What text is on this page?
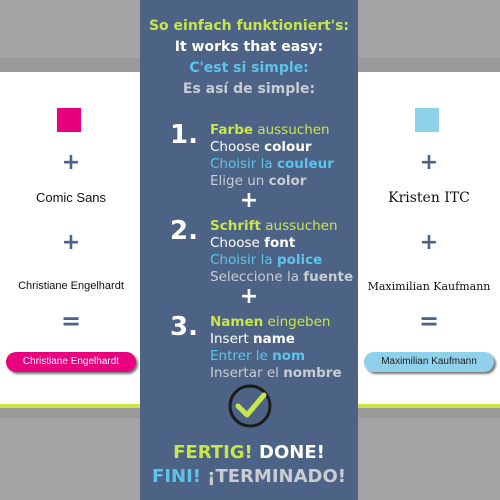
+
Comic Sans
+
Christiane Engelhardt
=
Christiane Engelhardt
+
Kristen ITC
+
Maximilian Kaufmann
=
Maximilian Kaufmann
So einfach funktioniert's:
It works that easy:
C'est si simple:
Es así de simple:
1. Farbe aussuchen
Choose colour
Choisir la couleur
Elige un color
+
2. Schrift aussuchen
Choose font
Choisir la police
Seleccione la fuente
+
3. Namen eingeben
Insert name
Entrer le nom
Insertar el nombre
FERTIG! DONE!
FINI! ¡TERMINADO!
